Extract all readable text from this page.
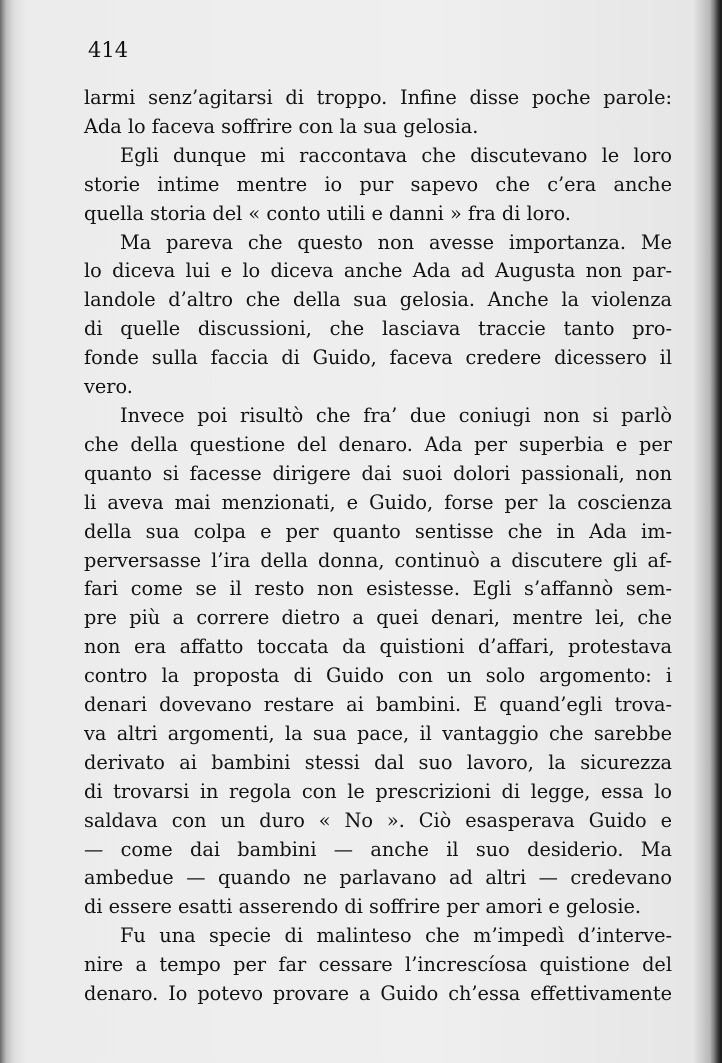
414

larmi senz’agitarsi di troppo. Infine disse poche parole:
Ada lo faceva soffrire con la sua gelosia.
Egli dunque mi raccontava che discutevano le loro
storie intime mentre io pur sapevo che c’era anche
quella storia del « conto utili e danni » fra di loro.
Ma pareva che questo non avesse importanza. Me
lo diceva lui e lo diceva anche Ada ad Augusta non par-
landole d’altro che della sua gelosia. Anche la violenza
di quelle discussioni, che lasciava traccie tanto pro-
fonde sulla faccia di Guido, faceva credere dicessero il
vero.
Invece poi risultò che fra’ due coniugi non si parlò
che della questione del denaro. Ada per superbia e per
quanto si facesse dirigere dai suoi dolori passionali, non
li aveva mai menzionati, e Guido, forse per la coscienza
della sua colpa e per quanto sentisse che in Ada im-
perversasse l’ira della donna, continuò a discutere gli af-
fari come se il resto non esistesse. Egli s’affannò sem-
pre più a correre dietro a quei denari, mentre lei, che
non era affatto toccata da quistioni d’affari, protestava
contro la proposta di Guido con un solo argomento: i
denari dovevano restare ai bambini. E quand’egli trova-
va altri argomenti, la sua pace, il vantaggio che sarebbe
derivato ai bambini stessi dal suo lavoro, la sicurezza
di trovarsi in regola con le prescrizioni di legge, essa lo
saldava con un duro « No ». Ciò esasperava Guido e
— come dai bambini — anche il suo desiderio. Ma
ambedue — quando ne parlavano ad altri — credevano
di essere esatti asserendo di soffrire per amori e gelosie.
Fu una specie di malinteso che m’impedì d’interve-
nire a tempo per far cessare l’increscíosa quistione del
denaro. Io potevo provare a Guido ch’essa effettivamente
